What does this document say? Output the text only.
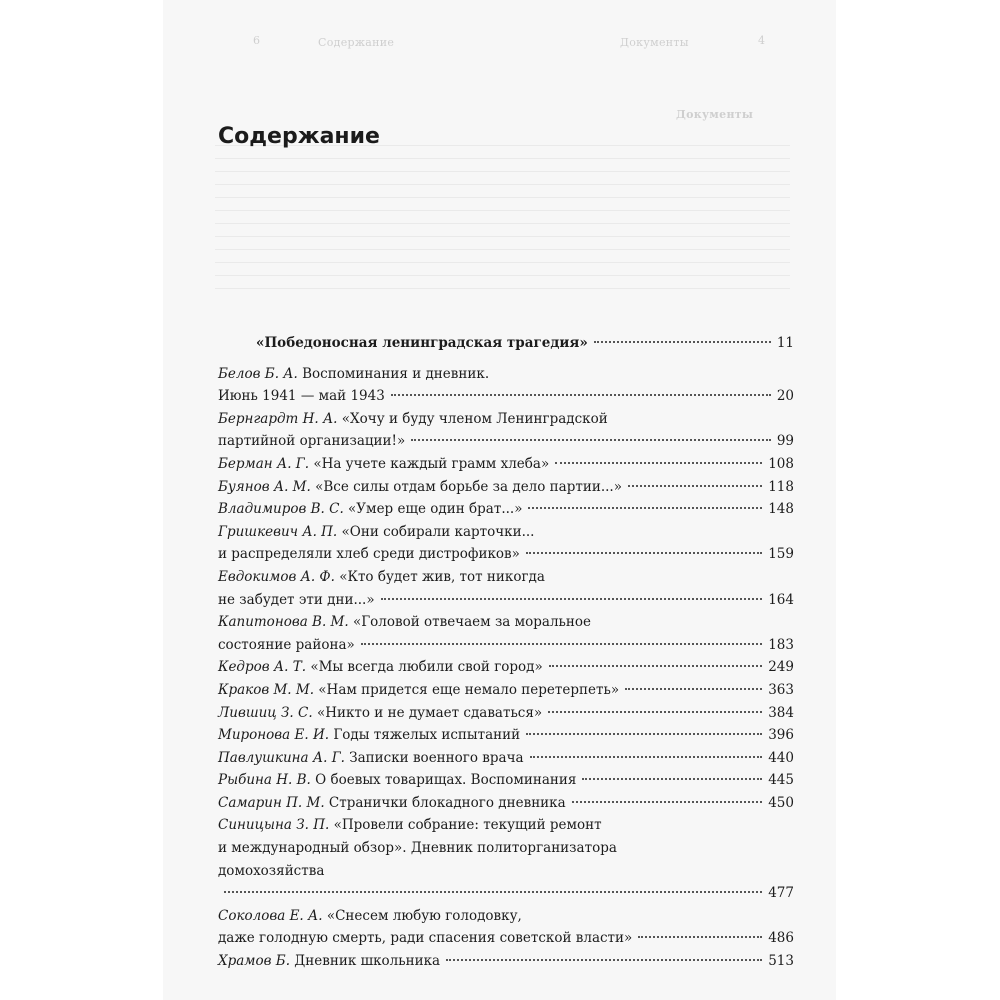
6	Содержание	Документы	4
Документы
Содержание
«Победоносная ленинградская трагедия»	11
Белов Б. А. Воспоминания и дневник.
Июнь 1941 — май 1943	20
Бернгардт Н. А. «Хочу и буду членом Ленинградской
партийной организации!»	99
Берман А. Г. «На учете каждый грамм хлеба»	108
Буянов А. М. «Все силы отдам борьбе за дело партии...»	118
Владимиров В. С. «Умер еще один брат...»	148
Гришкевич А. П. «Они собирали карточки...
и распределяли хлеб среди дистрофиков»	159
Евдокимов А. Ф. «Кто будет жив, тот никогда
не забудет эти дни...»	164
Капитонова В. М. «Головой отвечаем за моральное
состояние района»	183
Кедров А. Т. «Мы всегда любили свой город»	249
Краков М. М. «Нам придется еще немало перетерпеть»	363
Лившиц З. С. «Никто и не думает сдаваться»	384
Миронова Е. И. Годы тяжелых испытаний	396
Павлушкина А. Г. Записки военного врача	440
Рыбина Н. В. О боевых товарищах. Воспоминания	445
Самарин П. М. Странички блокадного дневника	450
Синицына З. П. «Провели собрание: текущий ремонт
и международный обзор». Дневник политорганизатора
домохозяйства
477
Соколова Е. А. «Снесем любую голодовку,
даже голодную смерть, ради спасения советской власти»	486
Храмов Б. Дневник школьника	513
